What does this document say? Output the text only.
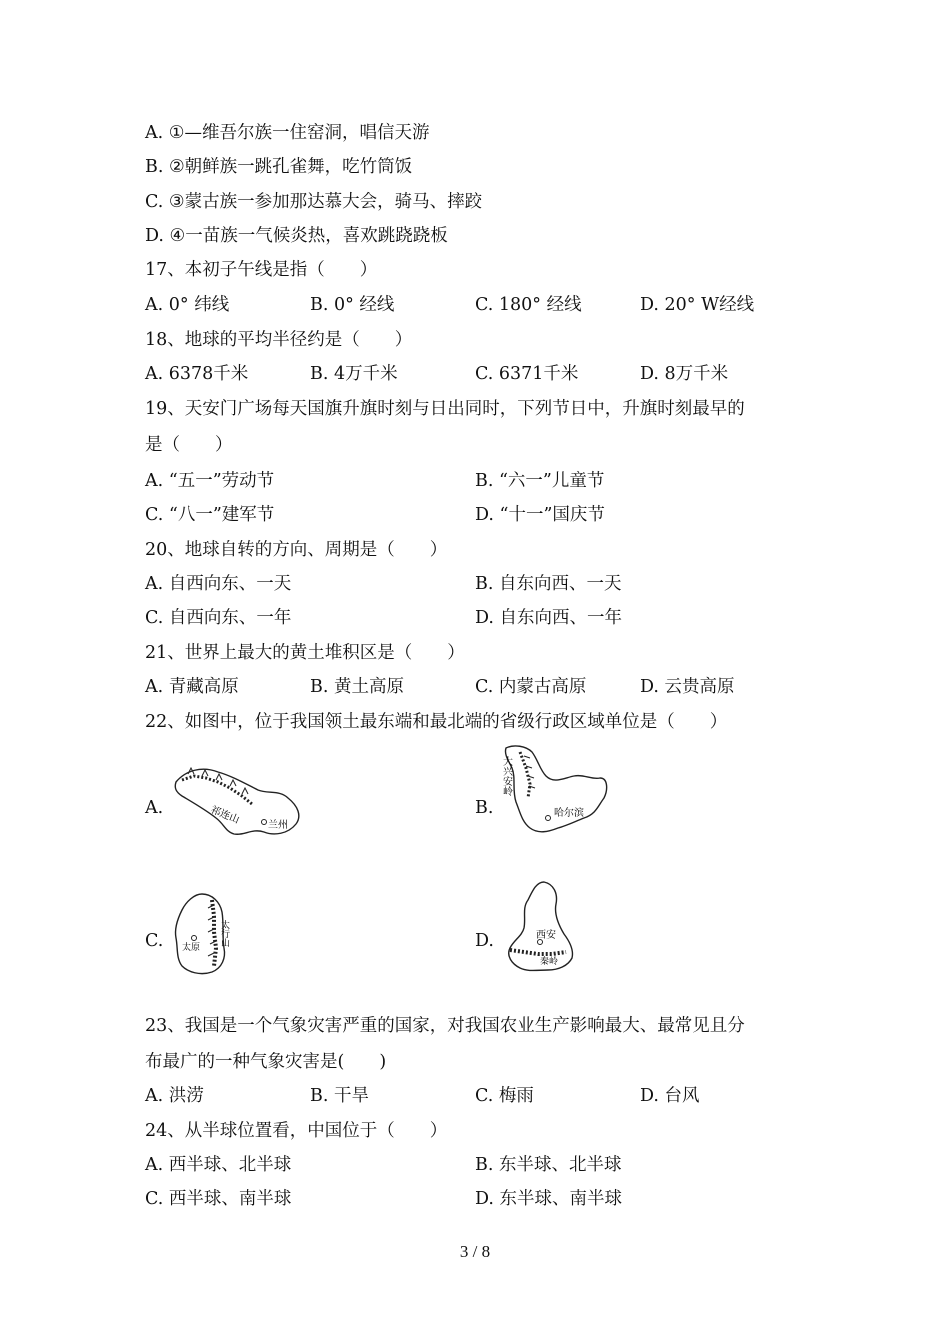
A. ①—维吾尔族一住窑洞，唱信天游
B. ②朝鲜族一跳孔雀舞，吃竹筒饭
C. ③蒙古族一参加那达慕大会，骑马、摔跤
D. ④一苗族一气候炎热，喜欢跳跷跷板
17、本初子午线是指（　　）
A. 0° 纬线	B. 0° 经线	C. 180° 经线	D. 20° W经线
18、地球的平均半径约是（　　）
A. 6378千米	B. 4万千米	C. 6371千米	D. 8万千米
19、天安门广场每天国旗升旗时刻与日出同时，下列节日中，升旗时刻最早的
是（　　）
A. “五一”劳动节	B. “六一”儿童节
C. “八一”建军节	D. “十一”国庆节
20、地球自转的方向、周期是（　　）
A. 自西向东、一天	B. 自东向西、一天
C. 自西向东、一年	D. 自东向西、一年
21、世界上最大的黄土堆积区是（　　）
A. 青藏高原	B. 黄土高原	C. 内蒙古高原	D. 云贵高原
22、如图中，位于我国领土最东端和最北端的省级行政区域单位是（　　）
A.	祁连山	兰州
B.
大兴安岭
哈尔滨
C. 太原
太行山	D.	西安
秦岭
23、我国是一个气象灾害严重的国家，对我国农业生产影响最大、最常见且分
布最广的一种气象灾害是(　　)
A. 洪涝	B. 干旱	C. 梅雨	D. 台风
24、从半球位置看，中国位于（　　）
A. 西半球、北半球	B. 东半球、北半球
C. 西半球、南半球	D. 东半球、南半球
3 / 8
